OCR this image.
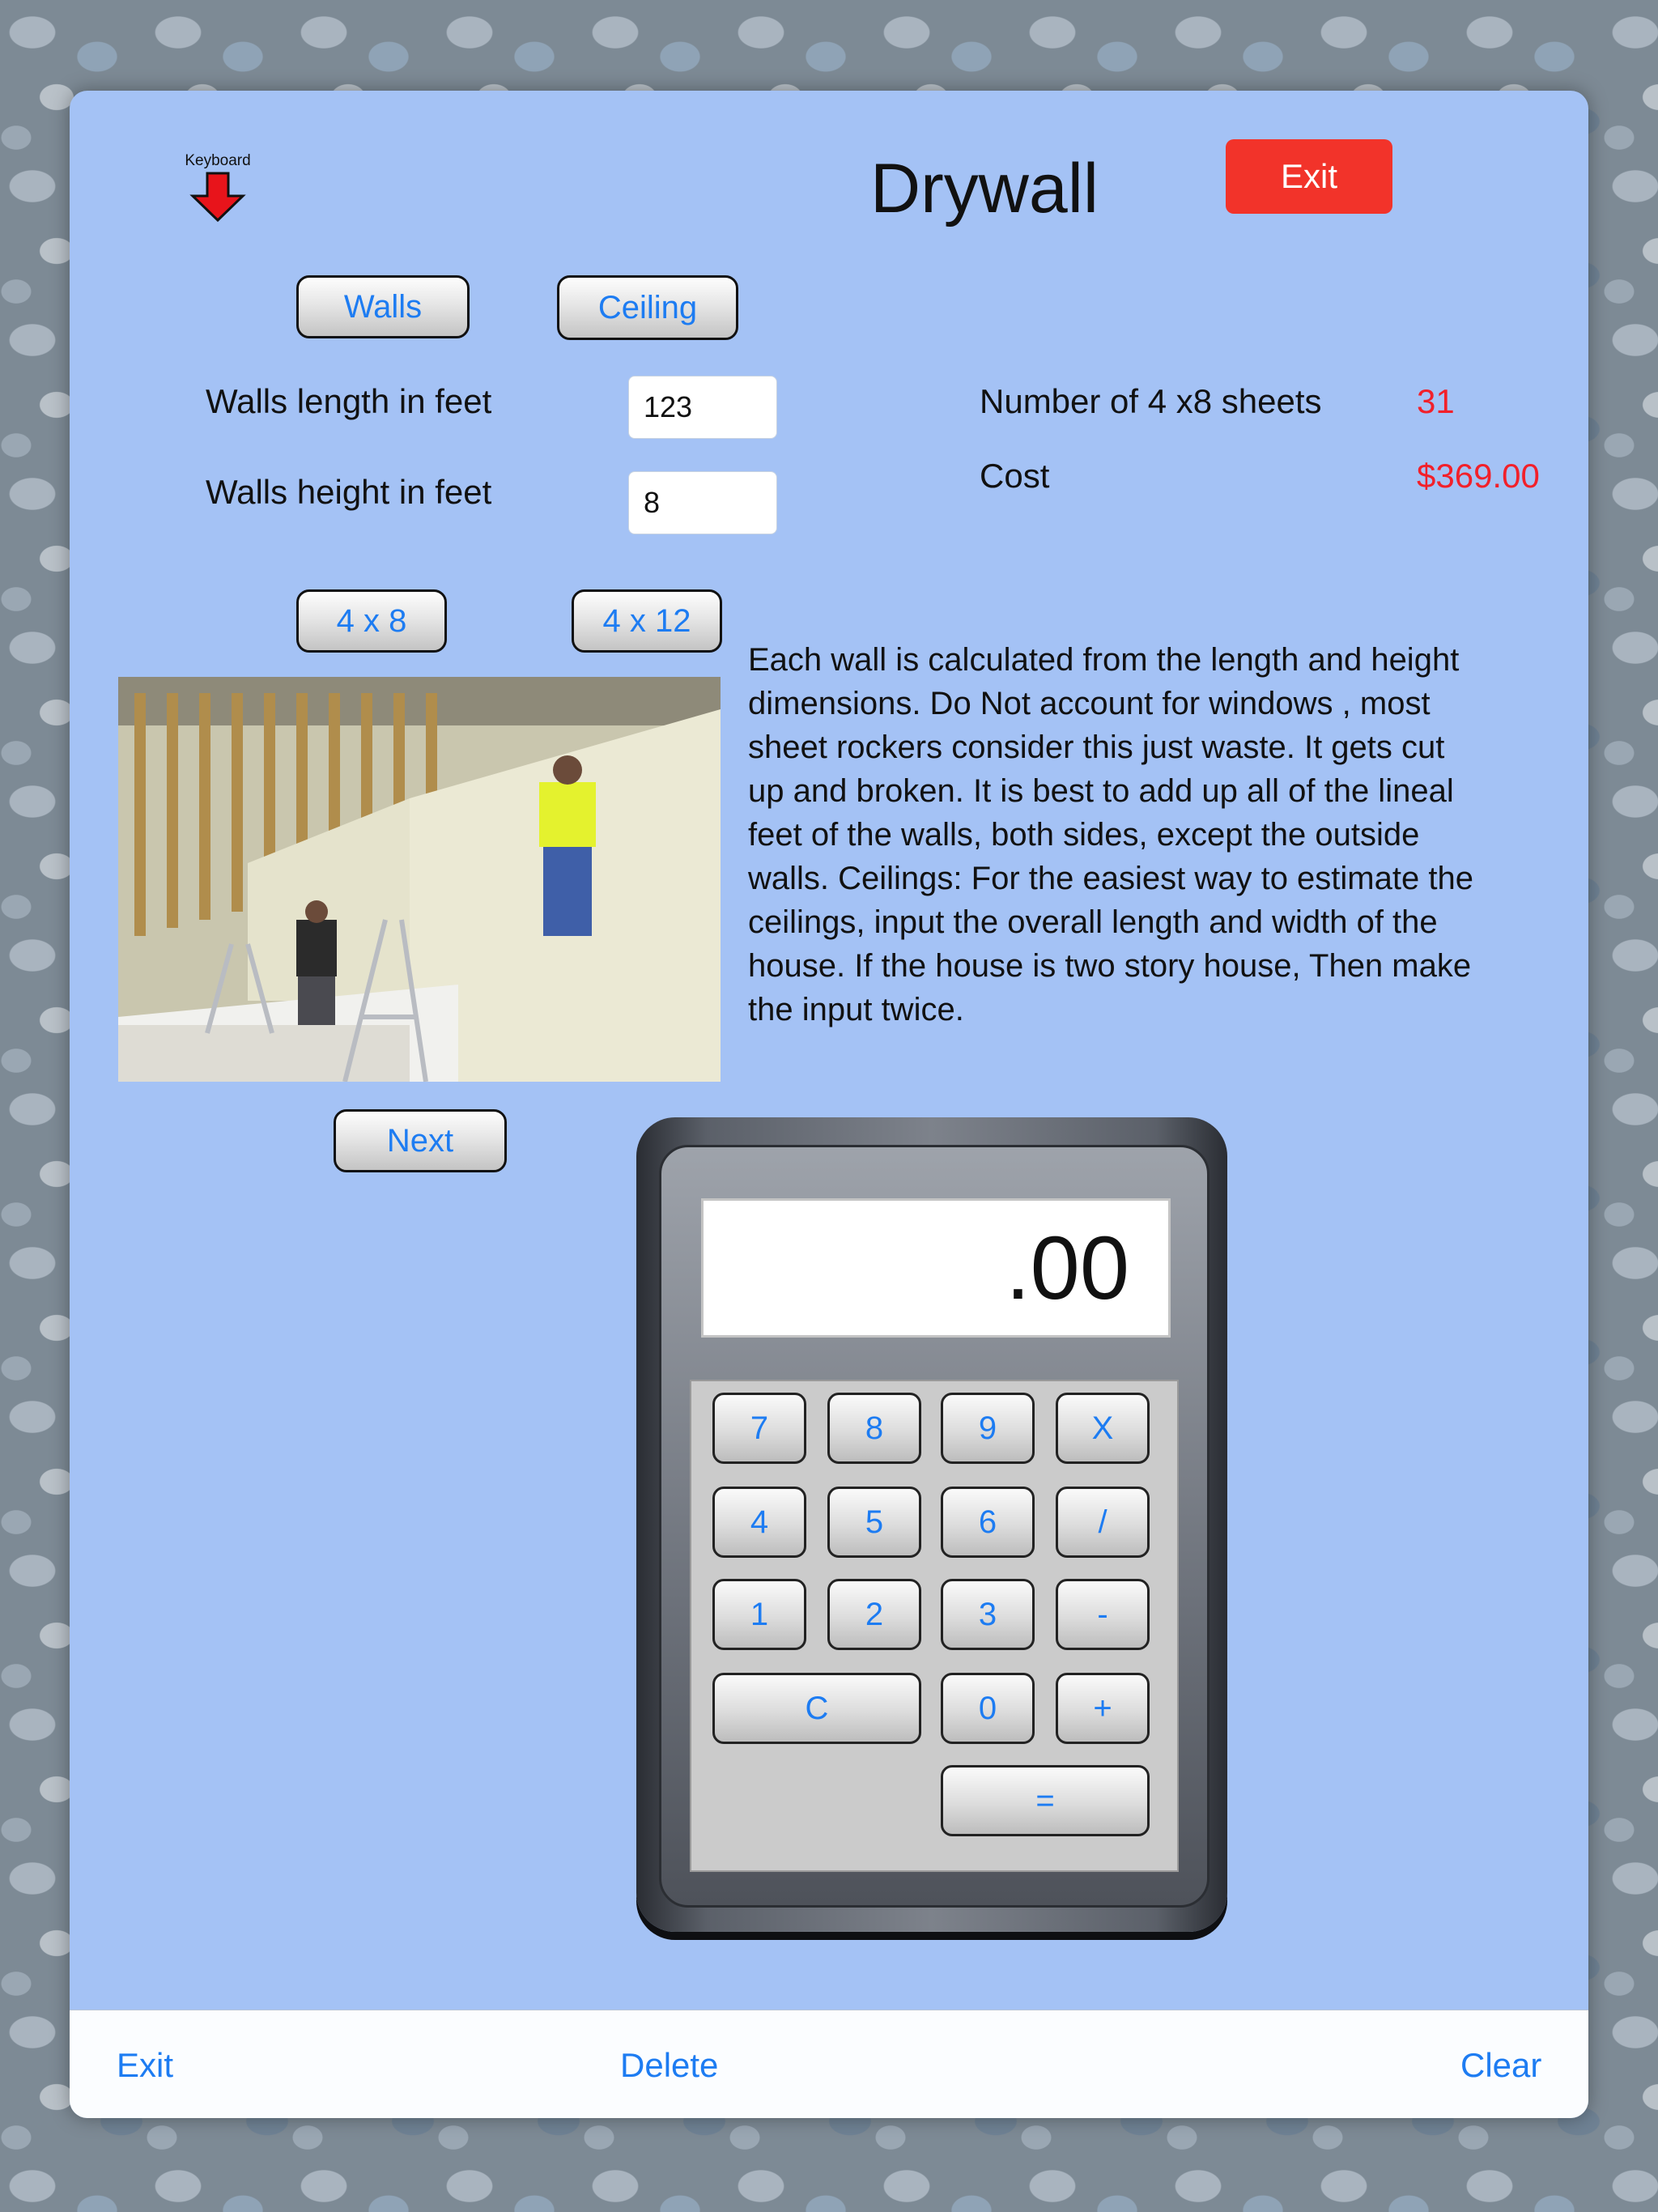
Keyboard	Drywall	Exit
Walls	Ceiling
Walls length in feet	123
Walls height in feet	8
Number of 4 x8 sheets	31
Cost	$369.00
4 x 8	4 x 12
Each wall is calculated from the length and height dimensions. Do Not account for windows , most sheet rockers consider this just waste. It gets cut up and broken. It is best to add up all of the lineal feet of the walls, both sides, except the outside walls. Ceilings: For the easiest way to estimate the ceilings, input the overall length and width of the house. If the house is two story house, Then make the input twice.
Next
.00
7	8	9	X
4	5	6	/
1	2	3	-
C	0	+
=
Exit	Delete	Clear
